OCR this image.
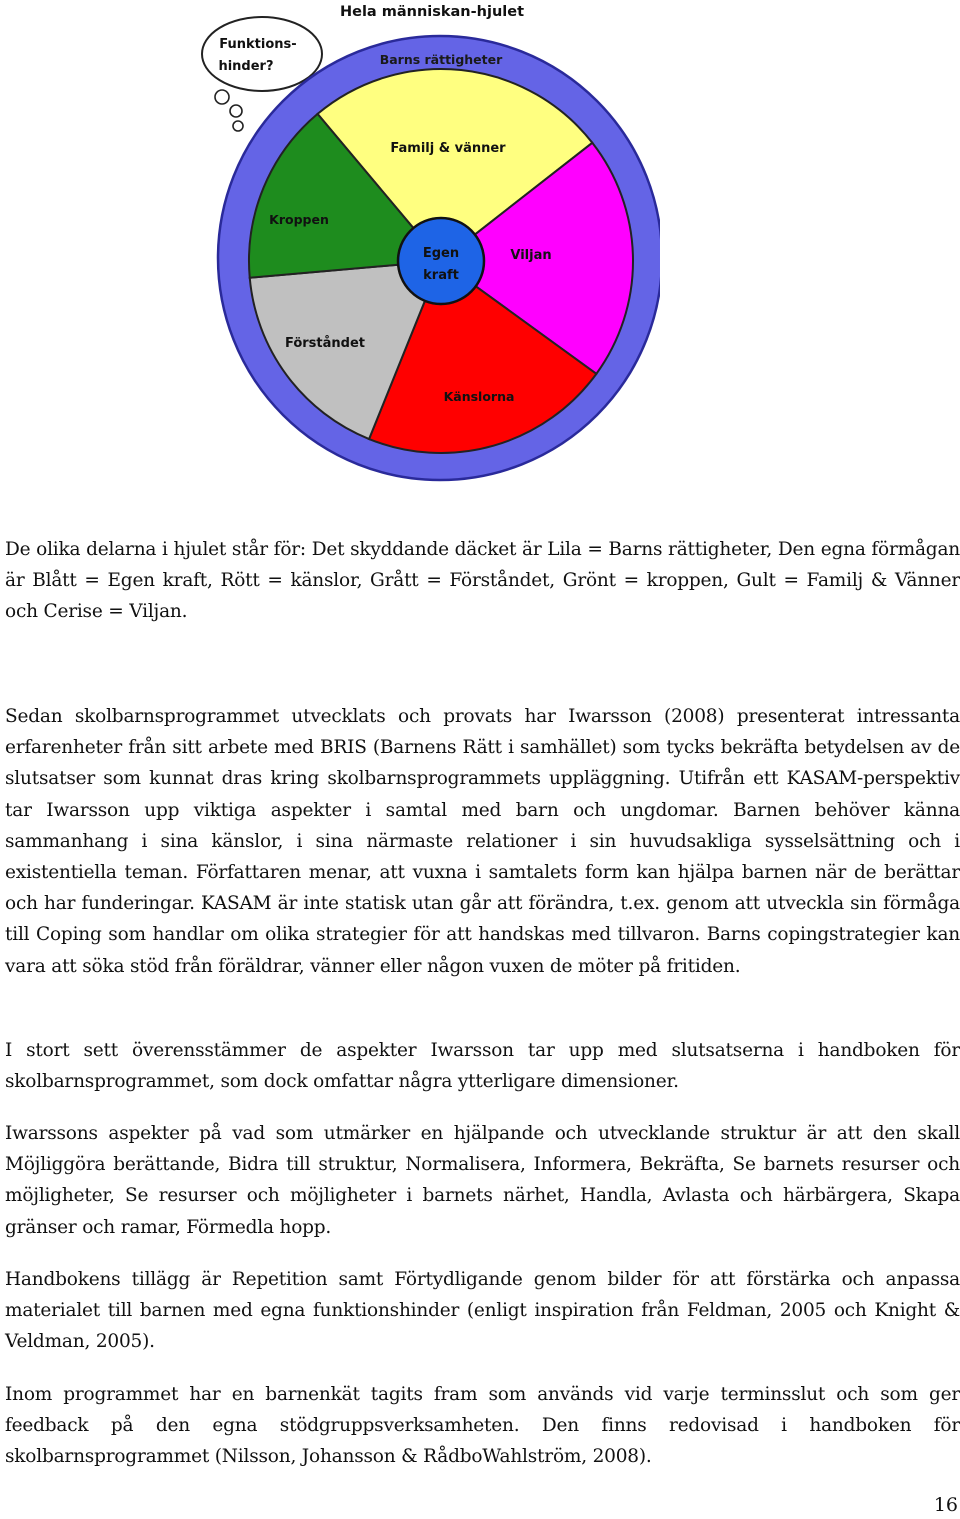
Hela människan-hjulet
Funktions-
hinder?	Barns rättigheter
Familj & vänner
Kroppen
Viljan
Förståndet
Känslorna
Egen
kraft

De olika delarna i hjulet står för: Det skyddande däcket är Lila = Barns rättigheter, Den egna förmågan är Blått = Egen kraft, Rött = känslor, Grått = Förståndet, Grönt = kroppen, Gult = Familj & Vänner och Cerise = Viljan.

Sedan skolbarnsprogrammet utvecklats och provats har Iwarsson (2008) presenterat intressanta erfarenheter från sitt arbete med BRIS (Barnens Rätt i samhället) som tycks bekräfta betydelsen av de slutsatser som kunnat dras kring skolbarnsprogrammets uppläggning. Utifrån ett KASAM-perspektiv tar Iwarsson upp viktiga aspekter i samtal med barn och ungdomar. Barnen behöver känna sammanhang i sina känslor, i sina närmaste relationer i sin huvudsakliga sysselsättning och i existentiella teman. Författaren menar, att vuxna i samtalets form kan hjälpa barnen när de berättar och har funderingar. KASAM är inte statisk utan går att förändra, t.ex. genom att utveckla sin förmåga till Coping som handlar om olika strategier för att handskas med tillvaron. Barns copingstrategier kan vara att söka stöd från föräldrar, vänner eller någon vuxen de möter på fritiden.

I stort sett överensstämmer de aspekter Iwarsson tar upp med slutsatserna i handboken för skolbarnsprogrammet, som dock omfattar några ytterligare dimensioner.

Iwarssons aspekter på vad som utmärker en hjälpande och utvecklande struktur är att den skall Möjliggöra berättande, Bidra till struktur, Normalisera, Informera, Bekräfta, Se barnets resurser och möjligheter, Se resurser och möjligheter i barnets närhet, Handla, Avlasta och härbärgera, Skapa gränser och ramar, Förmedla hopp.

Handbokens tillägg är Repetition samt Förtydligande genom bilder för att förstärka och anpassa materialet till barnen med egna funktionshinder (enligt inspiration från Feldman, 2005 och Knight & Veldman, 2005).

Inom programmet har en barnenkät tagits fram som används vid varje terminsslut och som ger feedback på den egna stödgruppsverksamheten. Den finns redovisad i handboken för skolbarnsprogrammet (Nilsson, Johansson & RådboWahlström, 2008).

16
